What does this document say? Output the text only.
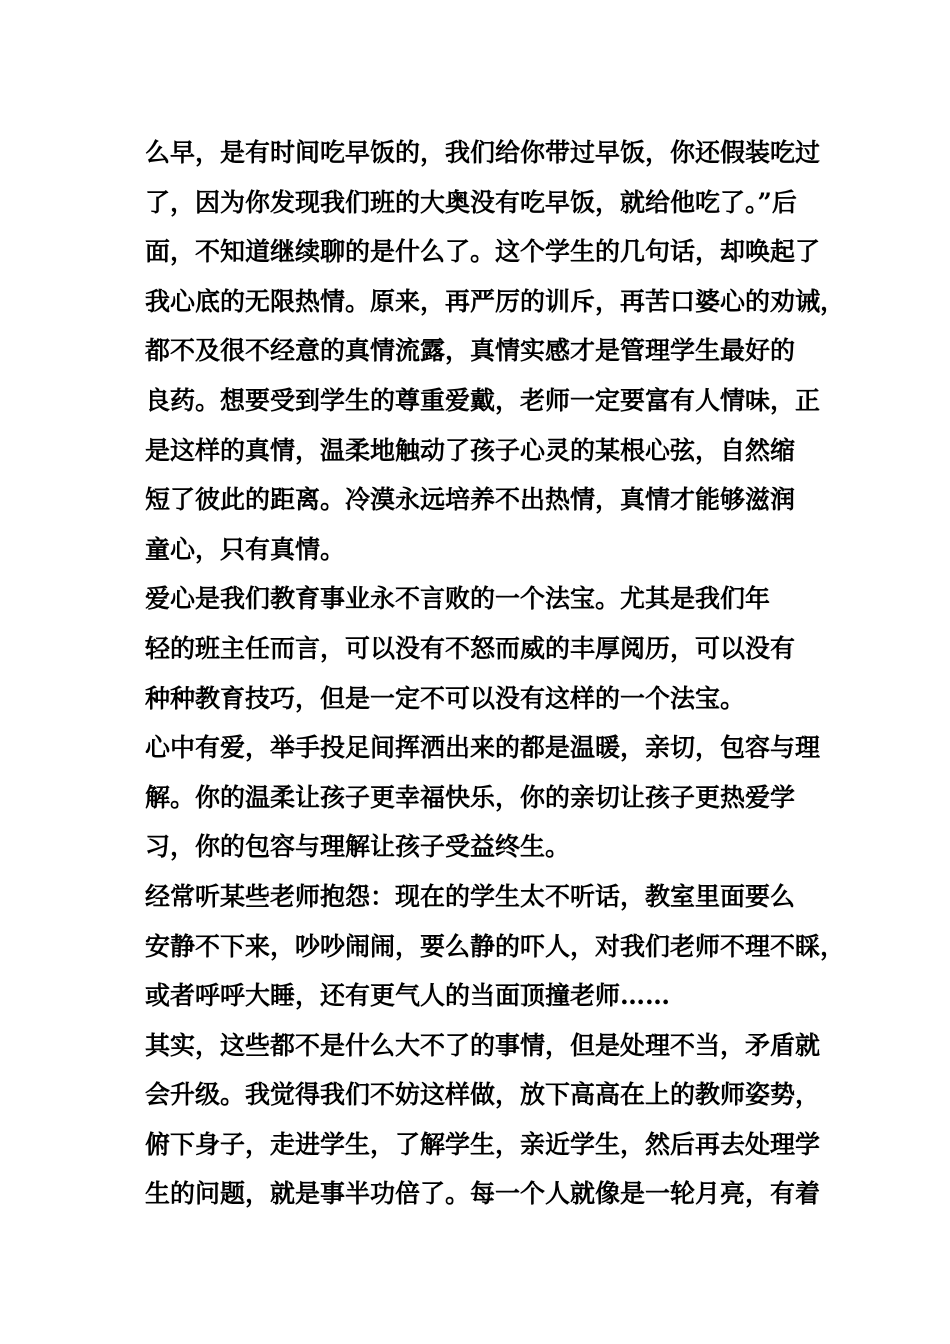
么早，是有时间吃早饭的，我们给你带过早饭，你还假装吃过
了，因为你发现我们班的大奥没有吃早饭，就给他吃了。”后
面，不知道继续聊的是什么了。这个学生的几句话，却唤起了
我心底的无限热情。原来，再严厉的训斥，再苦口婆心的劝诫，
都不及很不经意的真情流露，真情实感才是管理学生最好的
良药。想要受到学生的尊重爱戴，老师一定要富有人情味，正
是这样的真情，温柔地触动了孩子心灵的某根心弦，自然缩
短了彼此的距离。冷漠永远培养不出热情，真情才能够滋润
童心，只有真情。
爱心是我们教育事业永不言败的一个法宝。尤其是我们年
轻的班主任而言，可以没有不怒而威的丰厚阅历，可以没有
种种教育技巧，但是一定不可以没有这样的一个法宝。
心中有爱，举手投足间挥洒出来的都是温暖，亲切，包容与理
解。你的温柔让孩子更幸福快乐，你的亲切让孩子更热爱学
习，你的包容与理解让孩子受益终生。
经常听某些老师抱怨：现在的学生太不听话，教室里面要么
安静不下来，吵吵闹闹，要么静的吓人，对我们老师不理不睬，
或者呼呼大睡，还有更气人的当面顶撞老师……
其实，这些都不是什么大不了的事情，但是处理不当，矛盾就
会升级。我觉得我们不妨这样做，放下高高在上的教师姿势，
俯下身子，走进学生，了解学生，亲近学生，然后再去处理学
生的问题，就是事半功倍了。每一个人就像是一轮月亮，有着
